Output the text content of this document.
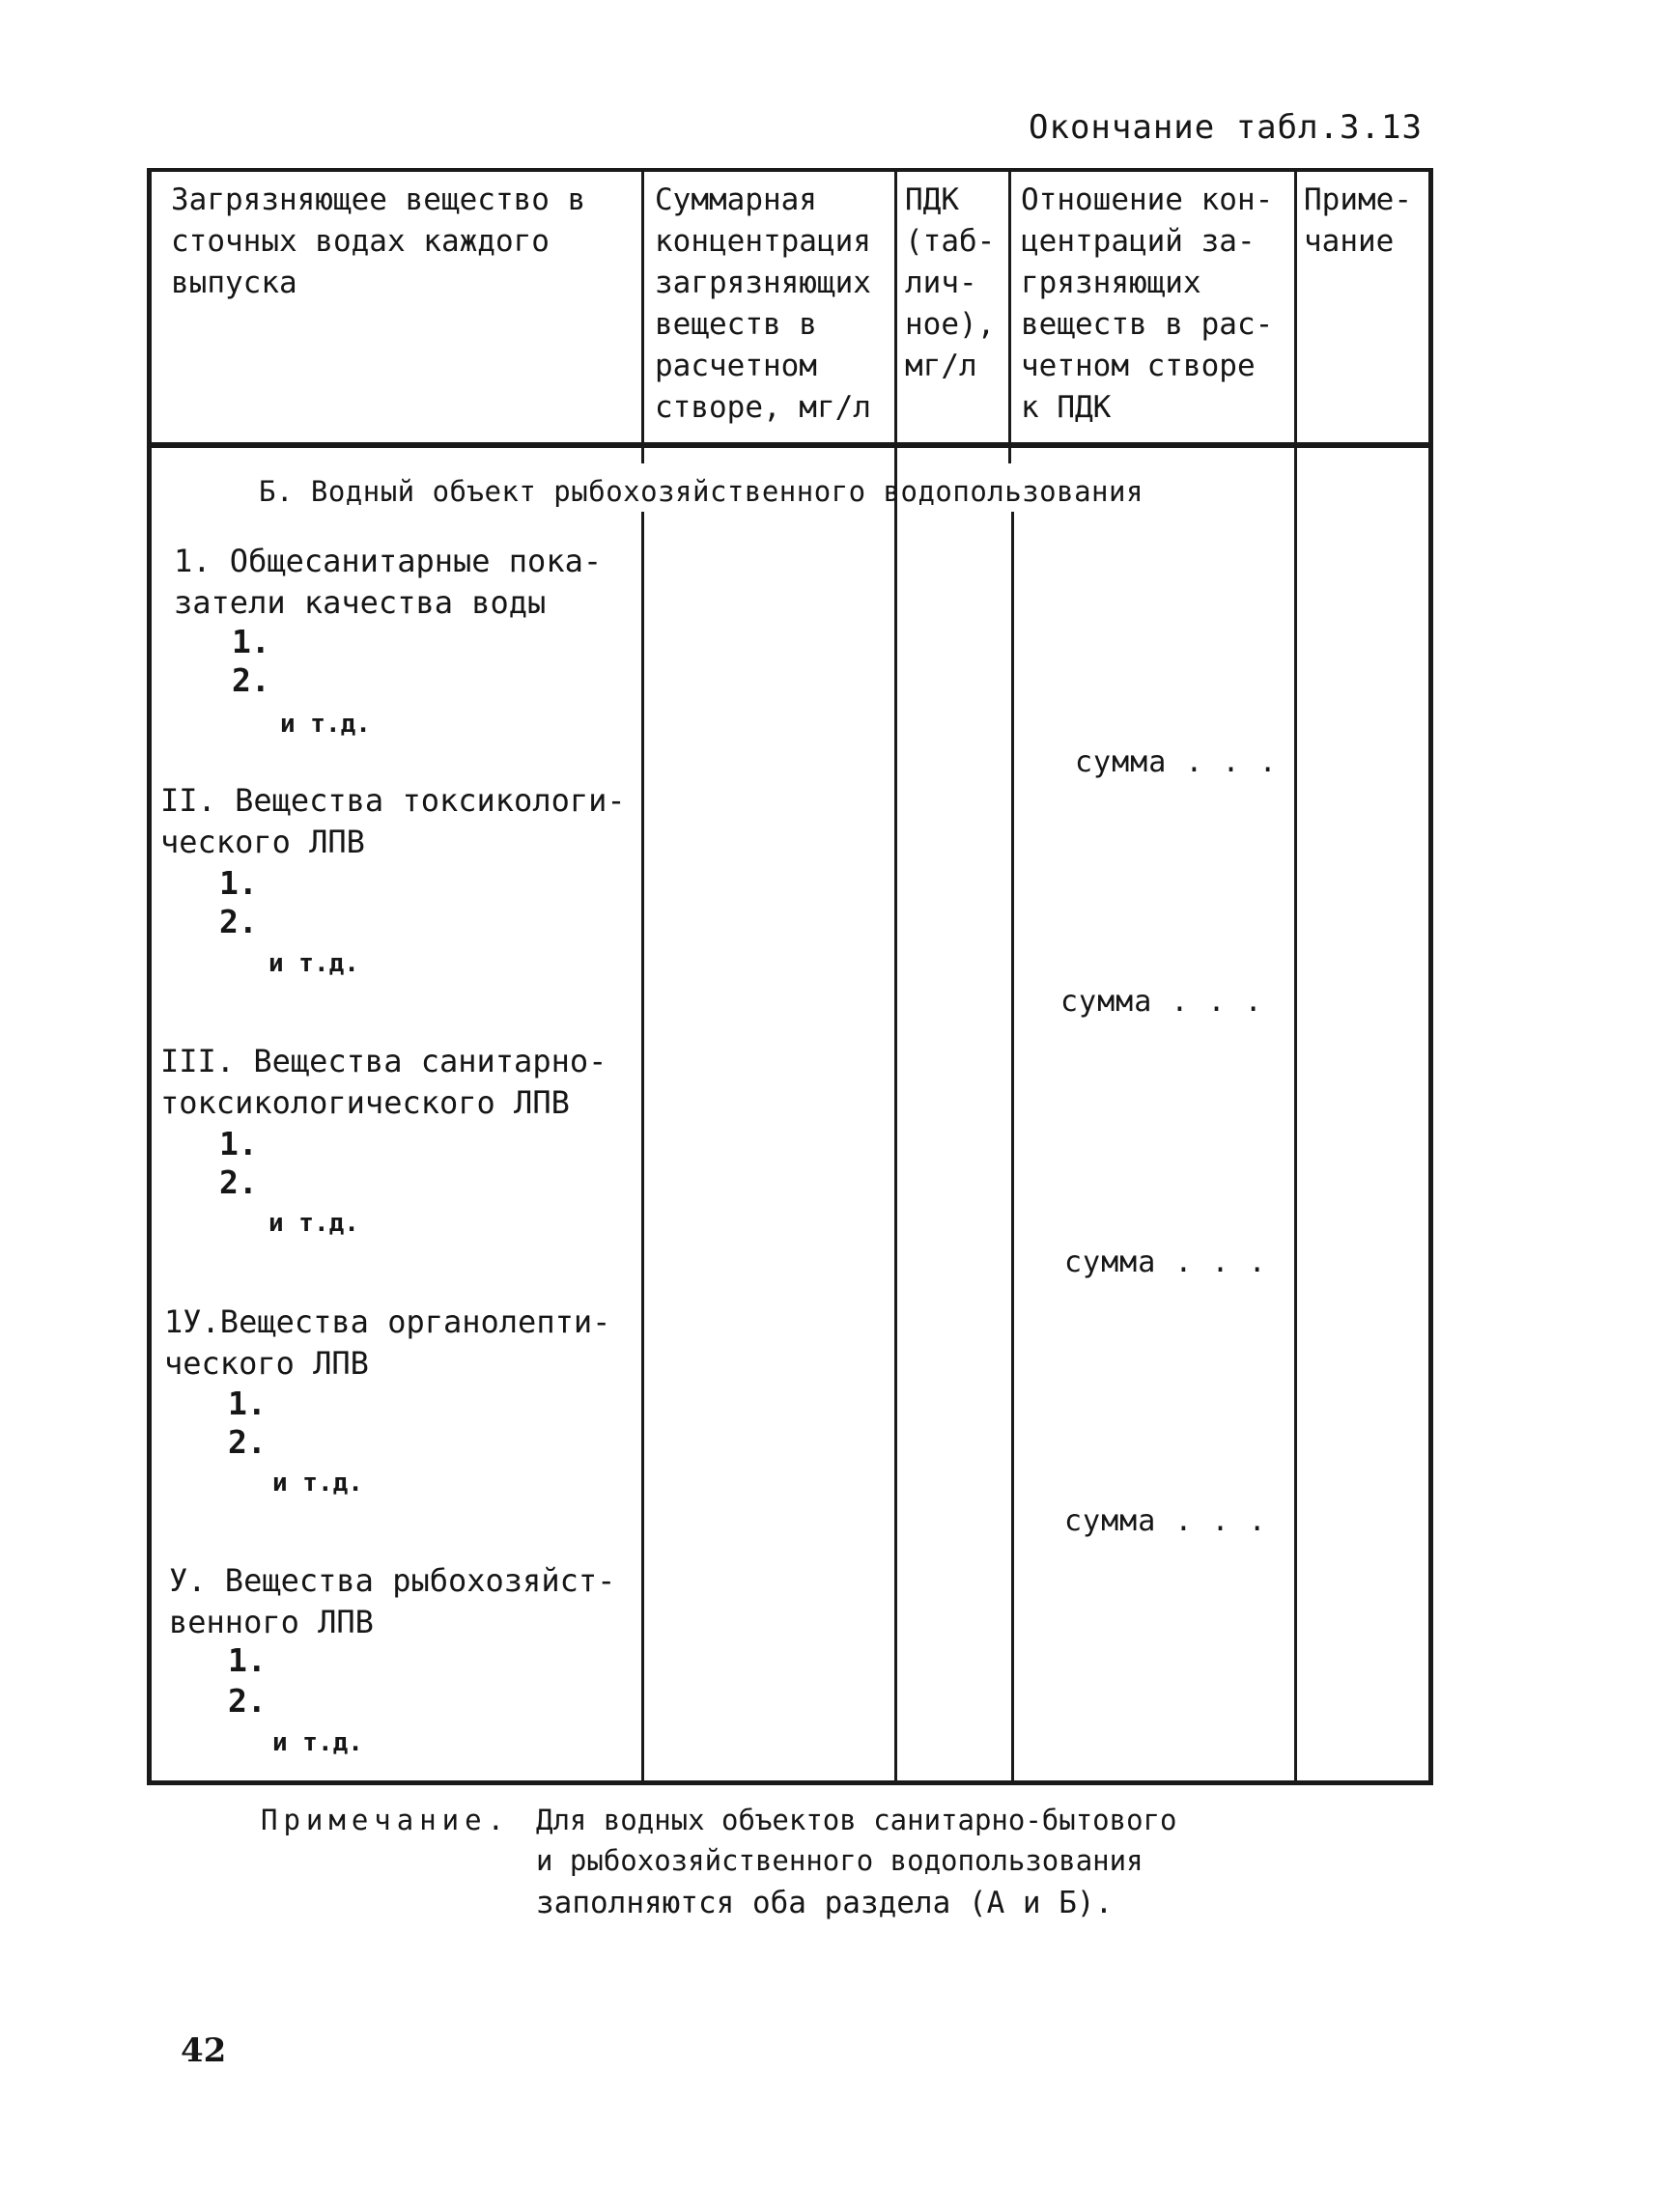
Окончание табл.3.13
Загрязняющее вещество в
сточных водах каждого
выпуска
Суммарная
концентрация
загрязняющих
веществ в
расчетном
створе, мг/л
ПДК
(таб-
лич-
ное),
мг/л
Отношение кон-
центраций за-
грязняющих
веществ в рас-
четном створе
к ПДК
Приме-
чание
Б. Водный объект рыбохозяйственного водопользования
1. Общесанитарные пока-
затели качества воды
1.
2.
и т.д.
сумма . . .
II. Вещества токсикологи-
ческого ЛПВ
1.
2.
и т.д.
сумма . . .
III. Вещества санитарно-
токсикологического ЛПВ
1.
2.
и т.д.
сумма . . .
1У.Вещества органолепти-
ческого ЛПВ
1.
2.
и т.д.
сумма . . .
У. Вещества рыбохозяйст-
венного ЛПВ
1.
2.
и т.д.
Примечание. Для водных объектов санитарно-бытового
и рыбохозяйственного водопользования
заполняются оба раздела (А и Б).
42
